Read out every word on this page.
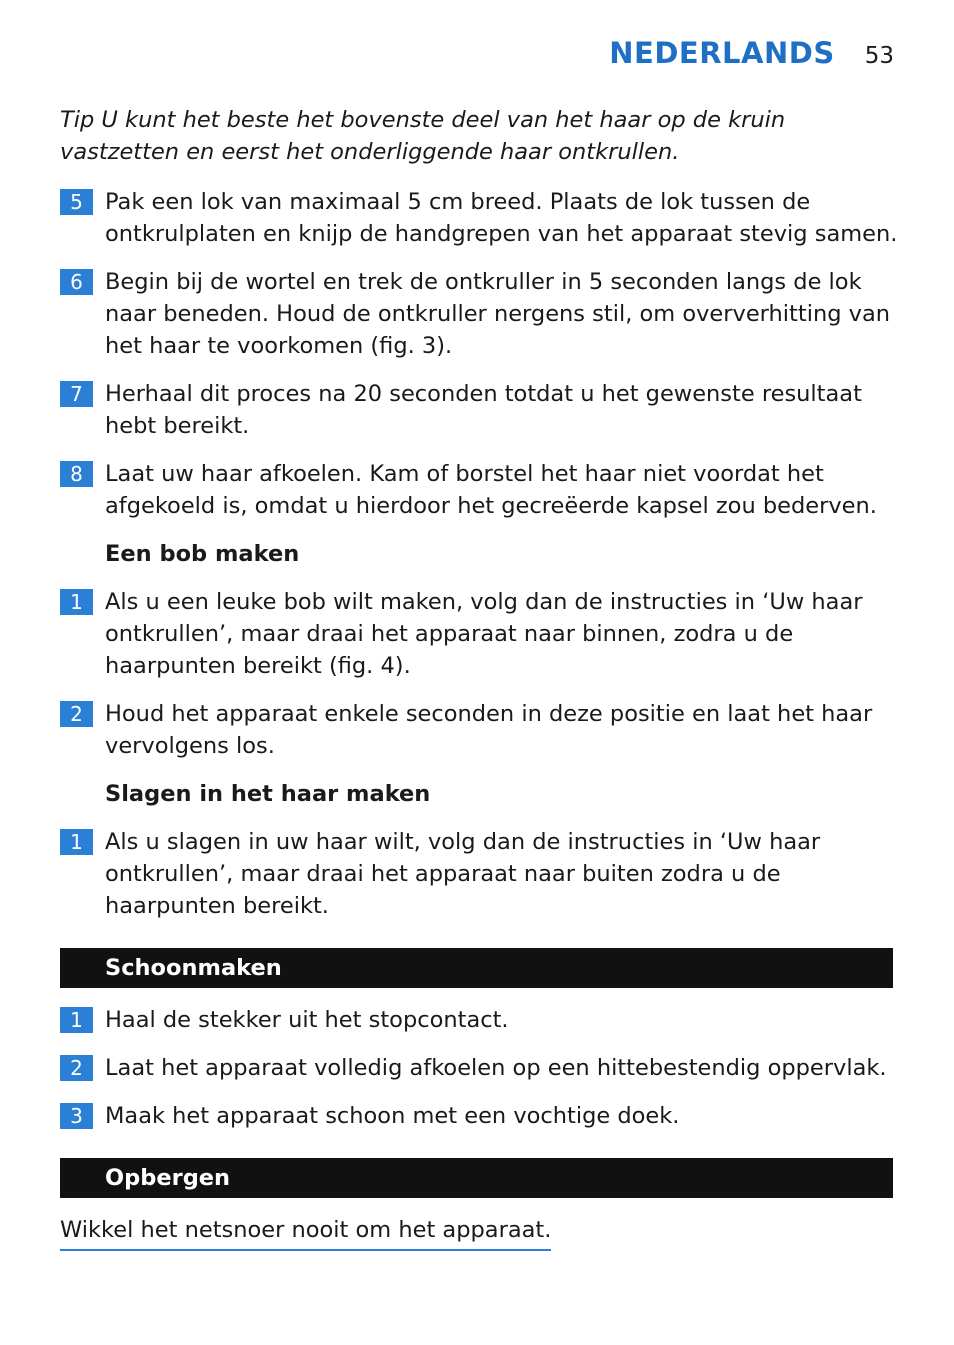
NEDERLANDS 53
Tip U kunt het beste het bovenste deel van het haar op de kruin vastzetten en eerst het onderliggende haar ontkrullen.
5 Pak een lok van maximaal 5 cm breed. Plaats de lok tussen de ontkrulplaten en knijp de handgrepen van het apparaat stevig samen.
6 Begin bij de wortel en trek de ontkruller in 5 seconden langs de lok naar beneden. Houd de ontkruller nergens stil, om oververhitting van het haar te voorkomen (fig. 3).
7 Herhaal dit proces na 20 seconden totdat u het gewenste resultaat hebt bereikt.
8 Laat uw haar afkoelen. Kam of borstel het haar niet voordat het afgekoeld is, omdat u hierdoor het gecreëerde kapsel zou bederven.
Een bob maken
1 Als u een leuke bob wilt maken, volg dan de instructies in ‘Uw haar ontkrullen’, maar draai het apparaat naar binnen, zodra u de haarpunten bereikt (fig. 4).
2 Houd het apparaat enkele seconden in deze positie en laat het haar vervolgens los.
Slagen in het haar maken
1 Als u slagen in uw haar wilt, volg dan de instructies in ‘Uw haar ontkrullen’, maar draai het apparaat naar buiten zodra u de haarpunten bereikt.
Schoonmaken
1 Haal de stekker uit het stopcontact.
2 Laat het apparaat volledig afkoelen op een hittebestendig oppervlak.
3 Maak het apparaat schoon met een vochtige doek.
Opbergen
Wikkel het netsnoer nooit om het apparaat.
